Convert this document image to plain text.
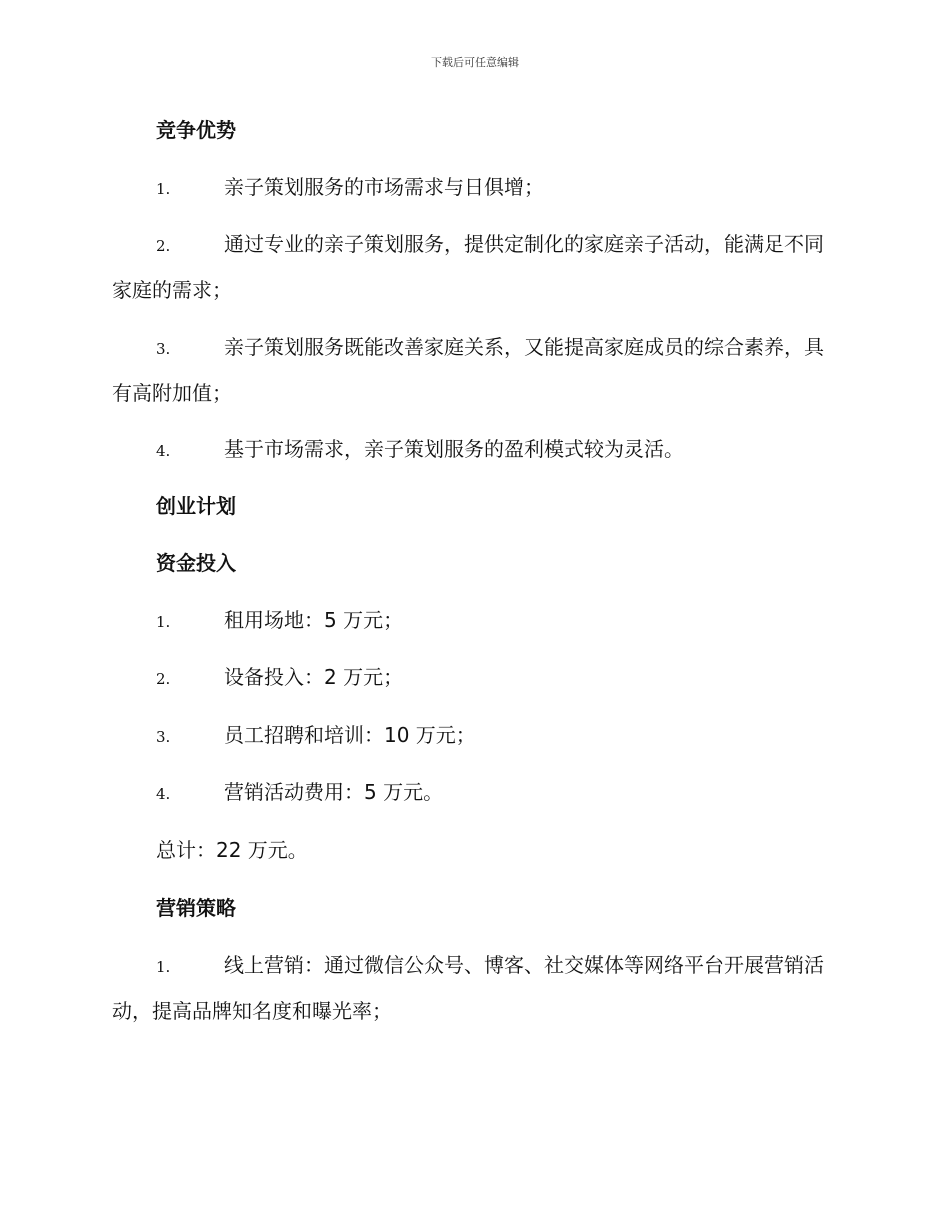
下载后可任意编辑
竞争优势
1.	亲子策划服务的市场需求与日俱增；
2.	通过专业的亲子策划服务，提供定制化的家庭亲子活动，能满足不同家庭的需求；
3.	亲子策划服务既能改善家庭关系，又能提高家庭成员的综合素养，具有高附加值；
4.	基于市场需求，亲子策划服务的盈利模式较为灵活。
创业计划
资金投入
1.	租用场地：5 万元；
2.	设备投入：2 万元；
3.	员工招聘和培训：10 万元；
4.	营销活动费用：5 万元。
总计：22 万元。
营销策略
1.	线上营销：通过微信公众号、博客、社交媒体等网络平台开展营销活动，提高品牌知名度和曝光率；
